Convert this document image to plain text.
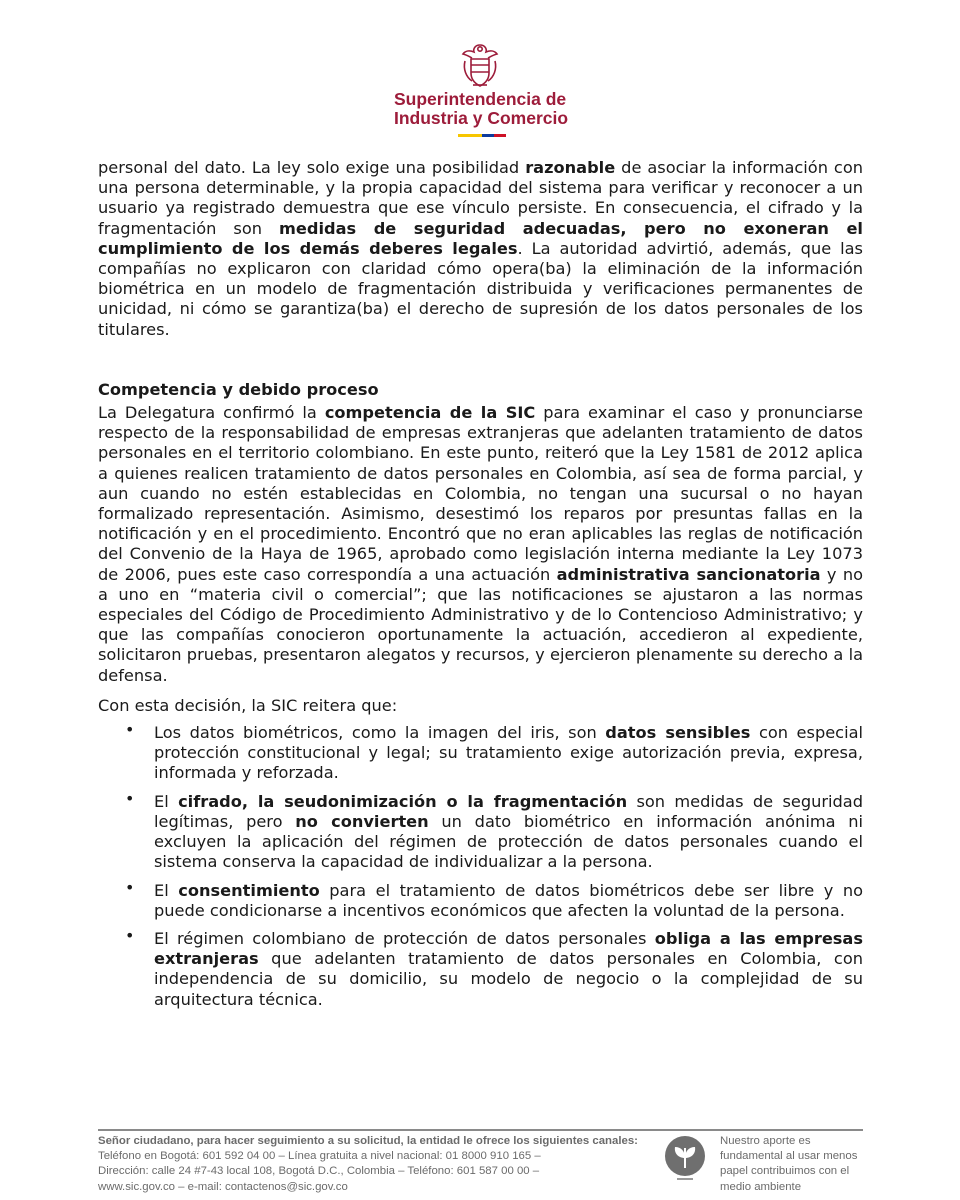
Superintendencia de
Industria y Comercio

personal del dato. La ley solo exige una posibilidad razonable de asociar la información con una persona determinable, y la propia capacidad del sistema para verificar y reconocer a un usuario ya registrado demuestra que ese vínculo persiste. En consecuencia, el cifrado y la fragmentación son medidas de seguridad adecuadas, pero no exoneran el cumplimiento de los demás deberes legales. La autoridad advirtió, además, que las compañías no explicaron con claridad cómo opera(ba) la eliminación de la información biométrica en un modelo de fragmentación distribuida y verificaciones permanentes de unicidad, ni cómo se garantiza(ba) el derecho de supresión de los datos personales de los titulares.

Competencia y debido proceso

La Delegatura confirmó la competencia de la SIC para examinar el caso y pronunciarse respecto de la responsabilidad de empresas extranjeras que adelanten tratamiento de datos personales en el territorio colombiano. En este punto, reiteró que la Ley 1581 de 2012 aplica a quienes realicen tratamiento de datos personales en Colombia, así sea de forma parcial, y aun cuando no estén establecidas en Colombia, no tengan una sucursal o no hayan formalizado representación. Asimismo, desestimó los reparos por presuntas fallas en la notificación y en el procedimiento. Encontró que no eran aplicables las reglas de notificación del Convenio de la Haya de 1965, aprobado como legislación interna mediante la Ley 1073 de 2006, pues este caso correspondía a una actuación administrativa sancionatoria y no a uno en “materia civil o comercial”; que las notificaciones se ajustaron a las normas especiales del Código de Procedimiento Administrativo y de lo Contencioso Administrativo; y que las compañías conocieron oportunamente la actuación, accedieron al expediente, solicitaron pruebas, presentaron alegatos y recursos, y ejercieron plenamente su derecho a la defensa.

Con esta decisión, la SIC reitera que:

• Los datos biométricos, como la imagen del iris, son datos sensibles con especial protección constitucional y legal; su tratamiento exige autorización previa, expresa, informada y reforzada.
• El cifrado, la seudonimización o la fragmentación son medidas de seguridad legítimas, pero no convierten un dato biométrico en información anónima ni excluyen la aplicación del régimen de protección de datos personales cuando el sistema conserva la capacidad de individualizar a la persona.
• El consentimiento para el tratamiento de datos biométricos debe ser libre y no puede condicionarse a incentivos económicos que afecten la voluntad de la persona.
• El régimen colombiano de protección de datos personales obliga a las empresas extranjeras que adelanten tratamiento de datos personales en Colombia, con independencia de su domicilio, su modelo de negocio o la complejidad de su arquitectura técnica.
Señor ciudadano, para hacer seguimiento a su solicitud, la entidad le ofrece los siguientes canales:
Teléfono en Bogotá: 601 592 04 00 – Línea gratuita a nivel nacional: 01 8000 910 165 –
Dirección: calle 24 #7-43 local 108, Bogotá D.C., Colombia – Teléfono: 601 587 00 00 –
www.sic.gov.co – e-mail: contactenos@sic.gov.co
Nuestro aporte es
fundamental al usar menos
papel contribuimos con el
medio ambiente
